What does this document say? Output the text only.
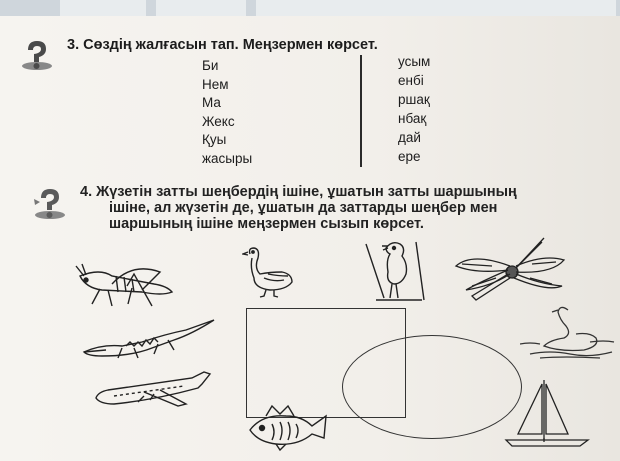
3. Сөздің жалғасын тап. Меңзермен көрсет.
Би
Нем
Ма
Жекс
Қуы
жасыры
усым
енбі
ршақ
нбақ
дай
ере
4. Жүзетін затты шеңбердің ішіне, ұшатын затты шаршының
ішіне, ал жүзетін де, ұшатын да заттарды шеңбер мен
шаршының ішіне меңзермен сызып көрсет.
